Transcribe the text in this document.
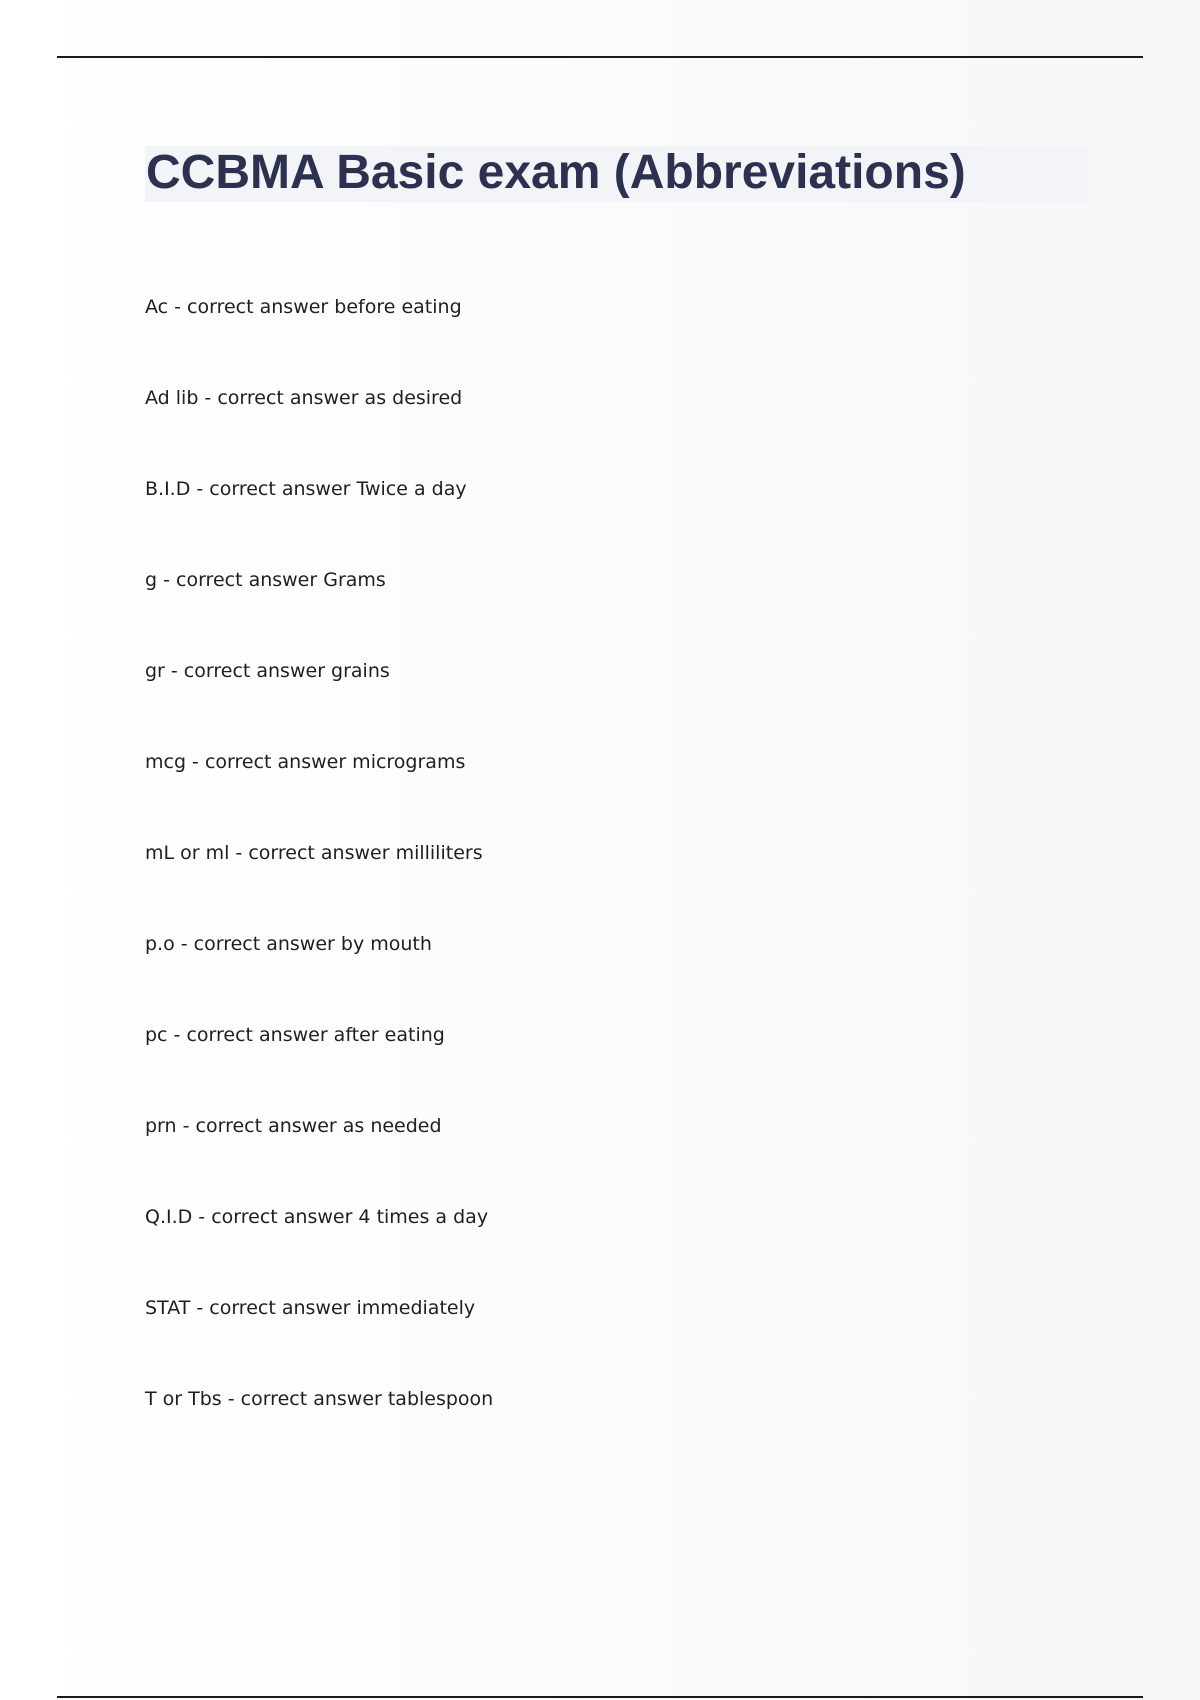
CCBMA Basic exam (Abbreviations)
Ac - correct answer before eating
Ad lib - correct answer as desired
B.I.D - correct answer Twice a day
g - correct answer Grams
gr - correct answer grains
mcg - correct answer micrograms
mL or ml - correct answer milliliters
p.o - correct answer by mouth
pc - correct answer after eating
prn - correct answer as needed
Q.I.D - correct answer 4 times a day
STAT - correct answer immediately
T or Tbs - correct answer tablespoon
